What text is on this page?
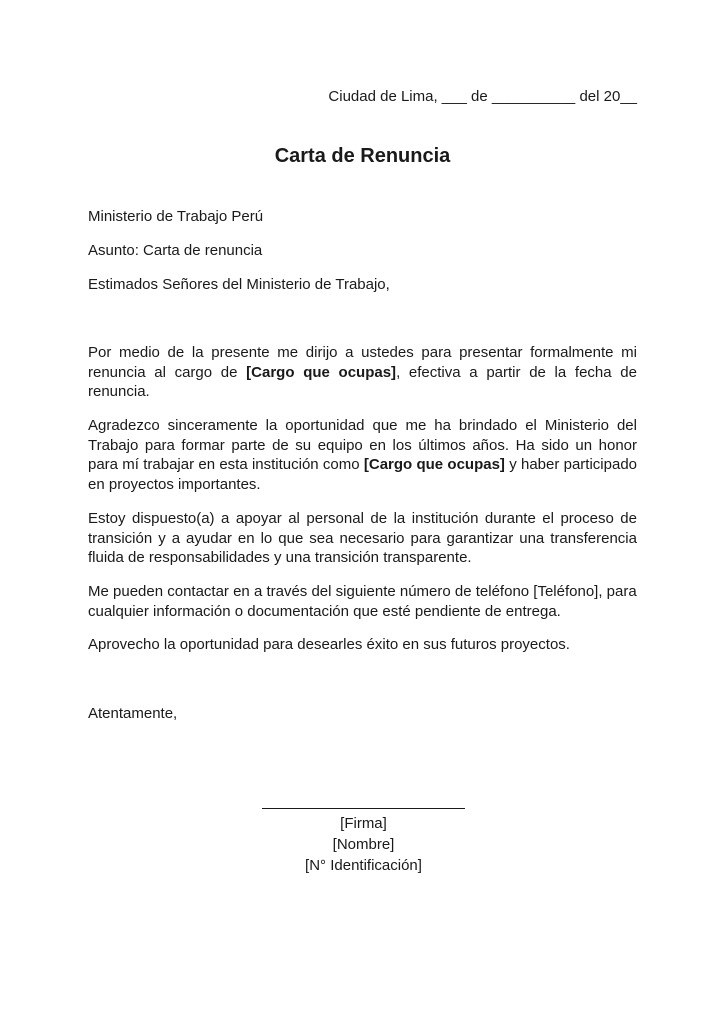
Ciudad de Lima, ___ de __________ del 20__
Carta de Renuncia
Ministerio de Trabajo Perú
Asunto: Carta de renuncia
Estimados Señores del Ministerio de Trabajo,

Por medio de la presente me dirijo a ustedes para presentar formalmente mi renuncia al cargo de [Cargo que ocupas], efectiva a partir de la fecha de renuncia.

Agradezco sinceramente la oportunidad que me ha brindado el Ministerio del Trabajo para formar parte de su equipo en los últimos años. Ha sido un honor para mí trabajar en esta institución como [Cargo que ocupas] y haber participado en proyectos importantes.

Estoy dispuesto(a) a apoyar al personal de la institución durante el proceso de transición y a ayudar en lo que sea necesario para garantizar una transferencia fluida de responsabilidades y una transición transparente.

Me pueden contactar en a través del siguiente número de teléfono [Teléfono], para cualquier información o documentación que esté pendiente de entrega.

Aprovecho la oportunidad para desearles éxito en sus futuros proyectos.

Atentamente,
[Firma]
[Nombre]
[N° Identificación]
